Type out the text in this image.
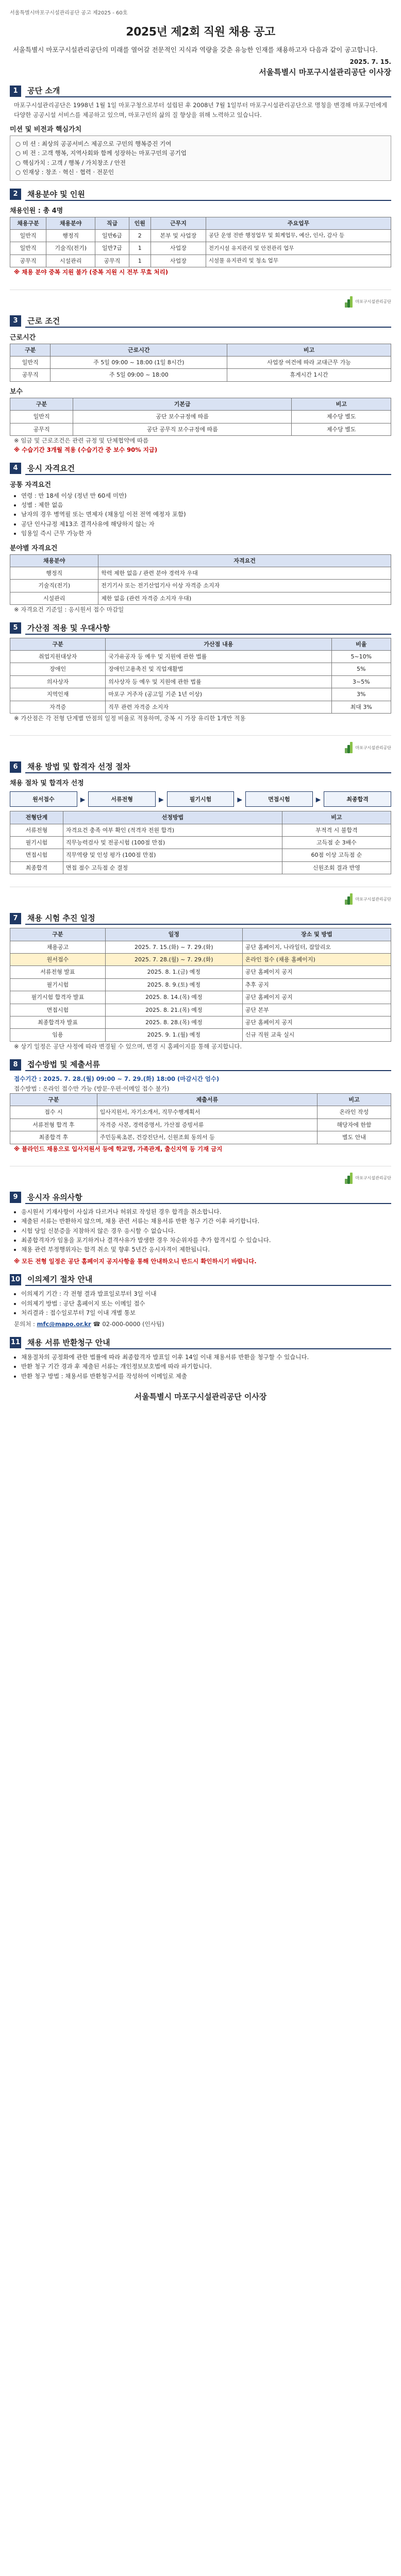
서울특별시마포구시설관리공단 공고 제2025 - 60호
2025년 제2회 직원 채용 공고
서울특별시 마포구시설관리공단의 미래를 열어갈 전문적인 지식과 역량을 갖춘 유능한 인재를 채용하고자 다음과 같이 공고합니다.
2025. 7. 15.
서울특별시 마포구시설관리공단 이사장
1	공단 소개
마포구시설관리공단은 1998년 1월 1일 마포구청으로부터 설립된 후 2008년 7월 1일부터 마포구시설관리공단으로 명칭을 변경해 마포구민에게 다양한 공공시설 서비스를 제공하고 있으며, 마포구민의 삶의 질 향상을 위해 노력하고 있습니다.
미션 및 비전과 핵심가치
○ 미 션 : 최상의 공공서비스 제공으로 구민의 행복증진 기여
○ 비 전 : 고객 행복, 지역사회와 함께 성장하는 마포구민의 공기업
○ 핵심가치 : 고객 / 행복 / 가치창조 / 안전
○ 인재상 : 창조 · 혁신 · 협력 · 전문인
2	채용분야 및 인원
채용인원 : 총 4명
채용구분	채용분야	직급	인원	근무지	주요업무
일반직	행정직	일반6급	2	본부 및 사업장	공단 운영 전반 행정업무 및 회계업무, 예산, 인사, 감사 등
일반직	기술직(전기)	일반7급	1	사업장	전기시설 유지관리 및 안전관리 업무
공무직	시설관리	공무직	1	사업장	시설물 유지관리 및 청소 업무
※ 채용 분야 중복 지원 불가 (중복 지원 시 전부 무효 처리)
마포구시설관리공단
3	근로 조건
근로시간
구분	근로시간	비고
일반직	주 5일 09:00 ~ 18:00 (1일 8시간)	사업장 여건에 따라 교대근무 가능
공무직	주 5일 09:00 ~ 18:00	휴게시간 1시간
보수
구분	기본급	비고
일반직	공단 보수규정에 따름	제수당 별도
공무직	공단 공무직 보수규정에 따름	제수당 별도
※ 임금 및 근로조건은 관련 규정 및 단체협약에 따름
※ 수습기간 3개월 적용 (수습기간 중 보수 90% 지급)
4	응시 자격요건
공통 자격요건
• 연령 : 만 18세 이상 (정년 만 60세 미만)
• 성별 : 제한 없음
• 남자의 경우 병역필 또는 면제자 (채용일 이전 전역 예정자 포함)
• 공단 인사규정 제13조 결격사유에 해당하지 않는 자
• 임용일 즉시 근무 가능한 자
분야별 자격요건
채용분야	자격요건
행정직	학력 제한 없음 / 관련 분야 경력자 우대
기술직(전기)	전기기사 또는 전기산업기사 이상 자격증 소지자
시설관리	제한 없음 (관련 자격증 소지자 우대)
※ 자격요건 기준일 : 응시원서 접수 마감일
5	가산점 적용 및 우대사항
구분	가산점 내용	비율
취업지원대상자	국가유공자 등 예우 및 지원에 관한 법률	5~10%
장애인	장애인고용촉진 및 직업재활법	5%
의사상자	의사상자 등 예우 및 지원에 관한 법률	3~5%
지역인재	마포구 거주자 (공고일 기준 1년 이상)	3%
자격증	직무 관련 자격증 소지자	최대 3%
※ 가산점은 각 전형 단계별 만점의 일정 비율로 적용하며, 중복 시 가장 유리한 1개만 적용
마포구시설관리공단
6	채용 방법 및 합격자 선정 절차
채용 절차 및 합격자 선정
원서접수	▶	서류전형	▶	필기시험	▶	면접시험	▶	최종합격
전형단계	선정방법	비고
서류전형	자격요건 충족 여부 확인 (적격자 전원 합격)	부적격 시 불합격
필기시험	직무능력검사 및 전공시험 (100점 만점)	고득점 순 3배수
면접시험	직무역량 및 인성 평가 (100점 만점)	60점 이상 고득점 순
최종합격	면접 점수 고득점 순 결정	신원조회 결과 반영
마포구시설관리공단
7	채용 시험 추진 일정
구분	일정	장소 및 방법
채용공고	2025. 7. 15.(화) ~ 7. 29.(화)	공단 홈페이지, 나라일터, 잡알리오
원서접수	2025. 7. 28.(월) ~ 7. 29.(화)	온라인 접수 (채용 홈페이지)
서류전형 발표	2025. 8. 1.(금) 예정	공단 홈페이지 공지
필기시험	2025. 8. 9.(토) 예정	추후 공지
필기시험 합격자 발표	2025. 8. 14.(목) 예정	공단 홈페이지 공지
면접시험	2025. 8. 21.(목) 예정	공단 본부
최종합격자 발표	2025. 8. 28.(목) 예정	공단 홈페이지 공지
임용	2025. 9. 1.(월) 예정	신규 직원 교육 실시
※ 상기 일정은 공단 사정에 따라 변경될 수 있으며, 변경 시 홈페이지를 통해 공지합니다.
8	접수방법 및 제출서류
접수기간 : 2025. 7. 28.(월) 09:00 ~ 7. 29.(화) 18:00 (마감시간 엄수)
접수방법 : 온라인 접수만 가능 (방문·우편·이메일 접수 불가)
구분	제출서류	비고
접수 시	입사지원서, 자기소개서, 직무수행계획서	온라인 작성
서류전형 합격 후	자격증 사본, 경력증명서, 가산점 증빙서류	해당자에 한함
최종합격 후	주민등록초본, 건강진단서, 신원조회 동의서 등	별도 안내
※ 블라인드 채용으로 입사지원서 등에 학교명, 가족관계, 출신지역 등 기재 금지
마포구시설관리공단
9	응시자 유의사항
• 응시원서 기재사항이 사실과 다르거나 허위로 작성된 경우 합격을 취소합니다.
• 제출된 서류는 반환하지 않으며, 채용 관련 서류는 채용서류 반환 청구 기간 이후 파기합니다.
• 시험 당일 신분증을 지참하지 않은 경우 응시할 수 없습니다.
• 최종합격자가 임용을 포기하거나 결격사유가 발생한 경우 차순위자를 추가 합격시킬 수 있습니다.
• 채용 관련 부정행위자는 합격 취소 및 향후 5년간 응시자격이 제한됩니다.
※ 모든 전형 일정은 공단 홈페이지 공지사항을 통해 안내하오니 반드시 확인하시기 바랍니다.
10 이의제기 절차 안내
• 이의제기 기간 : 각 전형 결과 발표일로부터 3일 이내
• 이의제기 방법 : 공단 홈페이지 또는 이메일 접수
• 처리결과 : 접수일로부터 7일 이내 개별 통보
문의처 : mfc@mapo.or.kr ☎ 02-000-0000 (인사팀)
11 채용 서류 반환청구 안내
• 채용절차의 공정화에 관한 법률에 따라 최종합격자 발표일 이후 14일 이내 채용서류 반환을 청구할 수 있습니다.
• 반환 청구 기간 경과 후 제출된 서류는 개인정보보호법에 따라 파기합니다.
• 반환 청구 방법 : 채용서류 반환청구서를 작성하여 이메일로 제출
서울특별시 마포구시설관리공단 이사장
